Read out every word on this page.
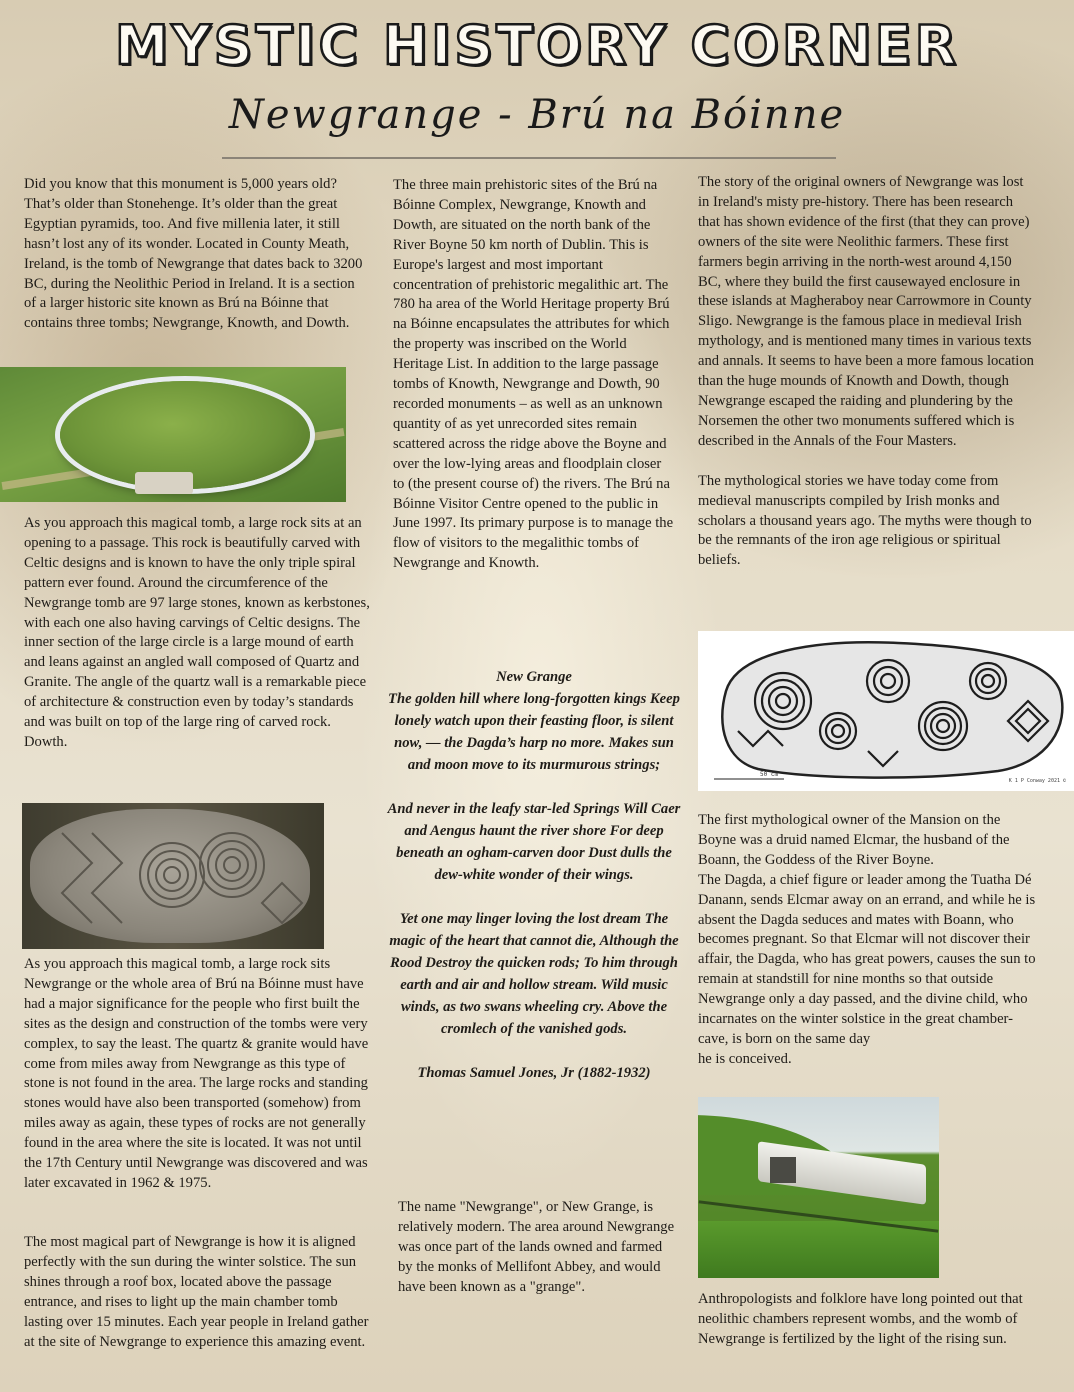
MYSTIC HISTORY CORNER
Newgrange - Brú na Bóinne

Did you know that this monument is 5,000 years old? That’s older than Stonehenge. It’s older than the great Egyptian pyramids, too. And five millenia later, it still hasn’t lost any of its wonder. Located in County Meath, Ireland, is the tomb of Newgrange that dates back to 3200 BC, during the Neolithic Period in Ireland. It is a section of a larger historic site known as Brú na Bóinne that contains three tombs; Newgrange, Knowth, and Dowth.

As you approach this magical tomb, a large rock sits at an opening to a passage. This rock is beautifully carved with Celtic designs and is known to have the only triple spiral pattern ever found. Around the circumference of the Newgrange tomb are 97 large stones, known as kerbstones, with each one also having carvings of Celtic designs. The inner section of the large circle is a large mound of earth and leans against an angled wall composed of Quartz and Granite. The angle of the quartz wall is a remarkable piece of architecture & construction even by today’s standards and was built on top of the large ring of carved rock.

Dowth.

As you approach this magical tomb, a large rock sits Newgrange or the whole area of Brú na Bóinne must have had a major significance for the people who first built the sites as the design and construction of the tombs were very complex, to say the least. The quartz & granite would have come from miles away from Newgrange as this type of stone is not found in the area. The large rocks and standing stones would have also been transported (somehow) from miles away as again, these types of rocks are not generally found in the area where the site is located. It was not until the 17th Century until Newgrange was discovered and was later excavated in 1962 & 1975.

The most magical part of Newgrange is how it is aligned perfectly with the sun during the winter solstice. The sun shines through a roof box, located above the passage entrance, and rises to light up the main chamber tomb lasting over 15 minutes. Each year people in Ireland gather at the site of Newgrange to experience this amazing event.

The three main prehistoric sites of the Brú na Bóinne Complex, Newgrange, Knowth and Dowth, are situated on the north bank of the River Boyne 50 km north of Dublin. This is Europe's largest and most important concentration of prehistoric megalithic art. The 780 ha area of the World Heritage property Brú na Bóinne encapsulates the attributes for which the property was inscribed on the World Heritage List. In addition to the large passage tombs of Knowth, Newgrange and Dowth, 90 recorded monuments – as well as an unknown quantity of as yet unrecorded sites remain scattered across the ridge above the Boyne and over the low-lying areas and floodplain closer to (the present course of) the rivers. The Brú na Bóinne Visitor Centre opened to the public in June 1997. Its primary purpose is to manage the flow of visitors to the megalithic tombs of Newgrange and Knowth.

New Grange

The golden hill where long-forgotten kings Keep lonely watch upon their feasting floor, is silent now, — the Dagda’s harp no more. Makes sun and moon move to its murmurous strings;

And never in the leafy star-led Springs Will Caer and Aengus haunt the river shore For deep beneath an ogham-carven door Dust dulls the dew-white wonder of their wings.

Yet one may linger loving the lost dream The magic of the heart that cannot die, Although the Rood Destroy the quicken rods; To him through earth and air and hollow stream. Wild music winds, as two swans wheeling cry. Above the cromlech of the vanished gods.

Thomas Samuel Jones, Jr (1882-1932)

The name "Newgrange", or New Grange, is relatively modern. The area around Newgrange was once part of the lands owned and farmed by the monks of Mellifont Abbey, and would have been known as a "grange".

The story of the original owners of Newgrange was lost in Ireland's misty pre-history. There has been research that has shown evidence of the first (that they can prove) owners of the site were Neolithic farmers. These first farmers begin arriving in the north-west around 4,150 BC, where they build the first causewayed enclosure in these islands at Magheraboy near Carrowmore in County Sligo. Newgrange is the famous place in medieval Irish mythology, and is mentioned many times in various texts and annals. It seems to have been a more famous location than the huge mounds of Knowth and Dowth, though Newgrange escaped the raiding and plundering by the Norsemen the other two monuments suffered which is described in the Annals of the Four Masters.

The mythological stories we have today come from medieval manuscripts compiled by Irish monks and scholars a thousand years ago. The myths were though to be the remnants of the iron age religious or spiritual beliefs.

50 cm
K 1 P Conway 2021 ©

The first mythological owner of the Mansion on the Boyne was a druid named Elcmar, the husband of the Boann, the Goddess of the River Boyne.

The Dagda, a chief figure or leader among the Tuatha Dé Danann, sends Elcmar away on an errand, and while he is absent the Dagda seduces and mates with Boann, who becomes pregnant. So that Elcmar will not discover their affair, the Dagda, who has great powers, causes the sun to remain at standstill for nine months so that outside Newgrange only a day passed, and the divine child, who incarnates on the winter solstice in the great chamber-cave, is born on the same day

he is conceived.

Anthropologists and folklore have long pointed out that neolithic chambers represent wombs, and the womb of Newgrange is fertilized by the light of the rising sun.
